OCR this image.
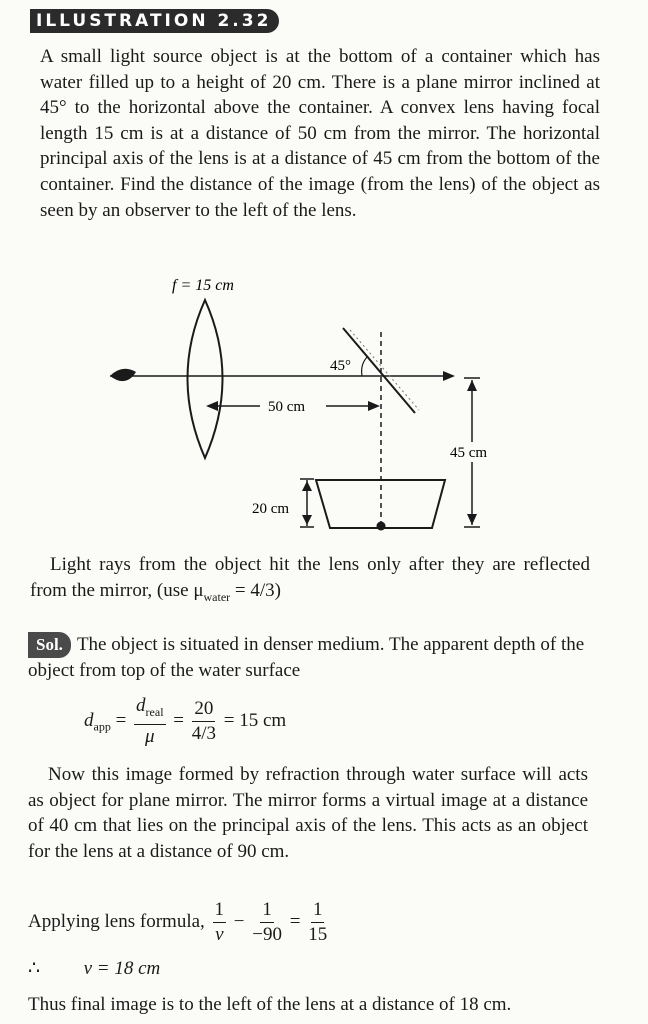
ILLUSTRATION 2.32
A small light source object is at the bottom of a container which has water filled up to a height of 20 cm. There is a plane mirror inclined at 45° to the horizontal above the container. A convex lens having focal length 15 cm is at a distance of 50 cm from the mirror. The horizontal principal axis of the lens is at a distance of 45 cm from the bottom of the container. Find the distance of the image (from the lens) of the object as seen by an observer to the left of the lens.
f = 15 cm
45°
50 cm
45 cm
20 cm
Light rays from the object hit the lens only after they are reflected from the mirror, (use $\mu_{water} = 4/3$)
Sol. The object is situated in denser medium. The apparent depth of the object from top of the water surface
$d_{app} = \frac{d_{real}}{\mu} = \frac{20}{4/3} = 15$ cm
Now this image formed by refraction through water surface will acts as object for plane mirror. The mirror forms a virtual image at a distance of 40 cm that lies on the principal axis of the lens. This acts as an object for the lens at a distance of 90 cm.
Applying lens formula, $\frac{1}{v} - \frac{1}{-90} = \frac{1}{15}$
∴ v = 18 cm
Thus final image is to the left of the lens at a distance of 18 cm.
